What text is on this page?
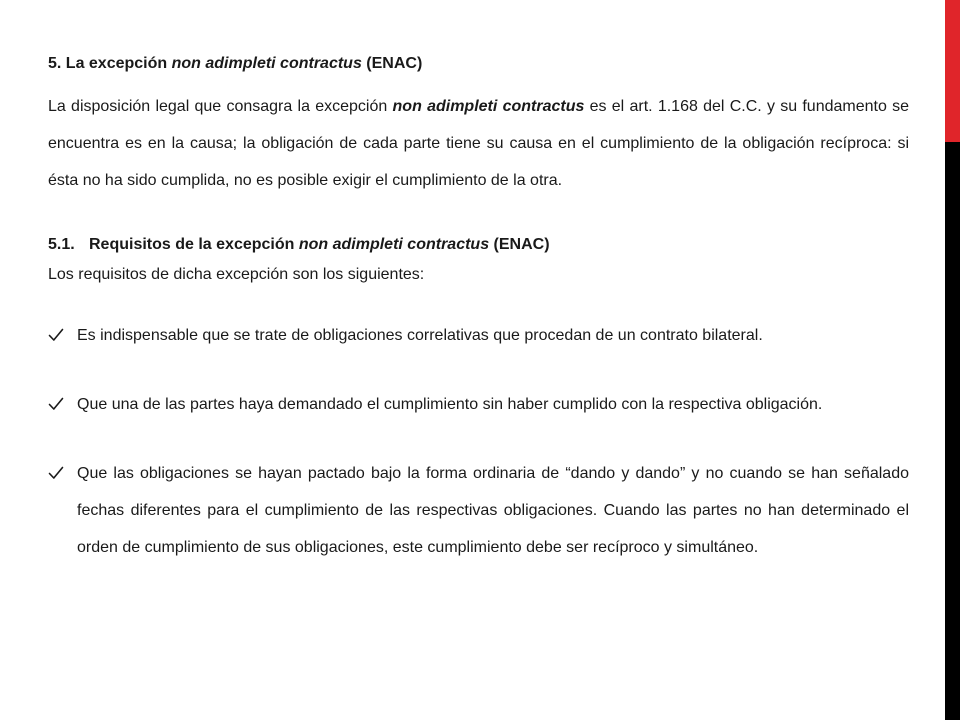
5. La excepción non adimpleti contractus (ENAC)

La disposición legal que consagra la excepción non adimpleti contractus es el art. 1.168 del C.C. y su fundamento se encuentra es en la causa; la obligación de cada parte tiene su causa en el cumplimiento de la obligación recíproca: si ésta no ha sido cumplida, no es posible exigir el cumplimiento de la otra.

5.1. Requisitos de la excepción non adimpleti contractus (ENAC)

Los requisitos de dicha excepción son los siguientes:

Es indispensable que se trate de obligaciones correlativas que procedan de un contrato bilateral.
Que una de las partes haya demandado el cumplimiento sin haber cumplido con la respectiva obligación.
Que las obligaciones se hayan pactado bajo la forma ordinaria de “dando y dando” y no cuando se han señalado fechas diferentes para el cumplimiento de las respectivas obligaciones. Cuando las partes no han determinado el orden de cumplimiento de sus obligaciones, este cumplimiento debe ser recíproco y simultáneo.
